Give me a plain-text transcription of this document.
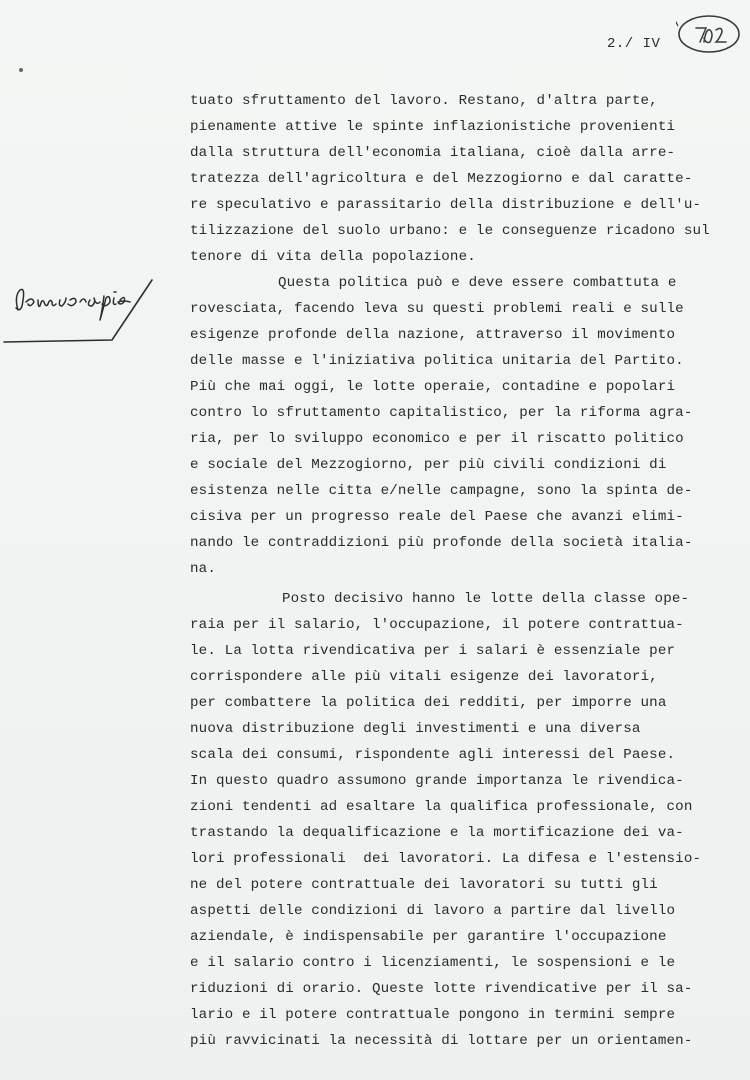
2./ IV
tuato sfruttamento del lavoro. Restano, d'altra parte,
pienamente attive le spinte inflazionistiche provenienti
dalla struttura dell'economia italiana, cioè dalla arre-
tratezza dell'agricoltura e del Mezzogiorno e dal caratte-
re speculativo e parassitario della distribuzione e dell'u-
tilizzazione del suolo urbano: e le conseguenze ricadono sul
tenore di vita della popolazione.
Questa politica può e deve essere combattuta e
rovesciata, facendo leva su questi problemi reali e sulle
esigenze profonde della nazione, attraverso il movimento
delle masse e l'iniziativa politica unitaria del Partito.
Più che mai oggi, le lotte operaie, contadine e popolari
contro lo sfruttamento capitalistico, per la riforma agra-
ria, per lo sviluppo economico e per il riscatto politico
e sociale del Mezzogiorno, per più civili condizioni di
esistenza nelle citta e/nelle campagne, sono la spinta de-
cisiva per un progresso reale del Paese che avanzi elimi-
nando le contraddizioni più profonde della società italia-
na.
Posto decisivo hanno le lotte della classe ope-
raia per il salario, l'occupazione, il potere contrattua-
le. La lotta rivendicativa per i salari è essenziale per
corrispondere alle più vitali esigenze dei lavoratori,
per combattere la politica dei redditi, per imporre una
nuova distribuzione degli investimenti e una diversa
scala dei consumi, rispondente agli interessi del Paese.
In questo quadro assumono grande importanza le rivendica-
zioni tendenti ad esaltare la qualifica professionale, con
trastando la dequalificazione e la mortificazione dei va-
lori professionali  dei lavoratori. La difesa e l'estensio-
ne del potere contrattuale dei lavoratori su tutti gli
aspetti delle condizioni di lavoro a partire dal livello
aziendale, è indispensabile per garantire l'occupazione
e il salario contro i licenziamenti, le sospensioni e le
riduzioni di orario. Queste lotte rivendicative per il sa-
lario e il potere contrattuale pongono in termini sempre
più ravvicinati la necessità di lottare per un orientamen-
